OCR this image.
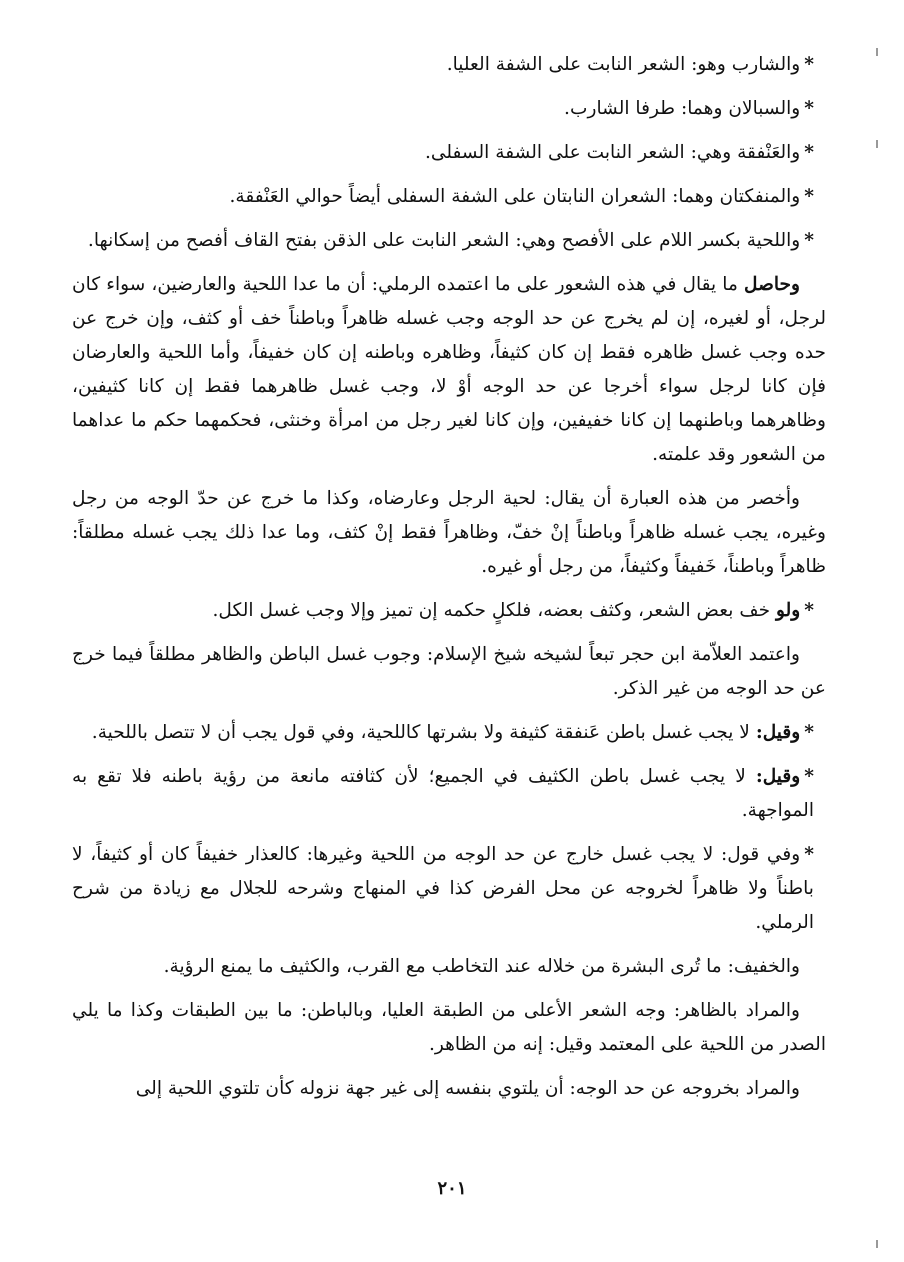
*والشارب وهو: الشعر النابت على الشفة العليا.

*والسبالان وهما: طرفا الشارب.

*والعَنْفقة وهي: الشعر النابت على الشفة السفلى.

*والمنفكتان وهما: الشعران النابتان على الشفة السفلى أيضاً حوالي العَنْفقة.

*واللحية بكسر اللام على الأفصح وهي: الشعر النابت على الذقن بفتح القاف أفصح من إسكانها.

وحاصل ما يقال في هذه الشعور على ما اعتمده الرملي: أن ما عدا اللحية والعارضين، سواء كان لرجل، أو لغيره، إن لم يخرج عن حد الوجه وجب غسله ظاهراً وباطناً خف أو كثف، وإن خرج عن حده وجب غسل ظاهره فقط إن كان كثيفاً، وظاهره وباطنه إن كان خفيفاً، وأما اللحية والعارضان فإن كانا لرجل سواء أخرجا عن حد الوجه أوْ لا، وجب غسل ظاهرهما فقط إن كانا كثيفين، وظاهرهما وباطنهما إن كانا خفيفين، وإن كانا لغير رجل من امرأة وخنثى، فحكمهما حكم ما عداهما من الشعور وقد علمته.

وأخصر من هذه العبارة أن يقال: لحية الرجل وعارضاه، وكذا ما خرج عن حدّ الوجه من رجل وغيره، يجب غسله ظاهراً وباطناً إنْ خفّ، وظاهراً فقط إنْ كثف، وما عدا ذلك يجب غسله مطلقاً: ظاهراً وباطناً، خَفيفاً وكثيفاً، من رجل أو غيره.

*ولو خف بعض الشعر، وكثف بعضه، فلكلٍ حكمه إن تميز وإلا وجب غسل الكل.

واعتمد العلاّمة ابن حجر تبعاً لشيخه شيخ الإسلام: وجوب غسل الباطن والظاهر مطلقاً فيما خرج عن حد الوجه من غير الذكر.

*وقيل: لا يجب غسل باطن عَنفقة كثيفة ولا بشرتها كاللحية، وفي قول يجب أن لا تتصل باللحية.

*وقيل: لا يجب غسل باطن الكثيف في الجميع؛ لأن كثافته مانعة من رؤية باطنه فلا تقع به المواجهة.

*وفي قول: لا يجب غسل خارج عن حد الوجه من اللحية وغيرها: كالعذار خفيفاً كان أو كثيفاً، لا باطناً ولا ظاهراً لخروجه عن محل الفرض كذا في المنهاج وشرحه للجلال مع زيادة من شرح الرملي.

والخفيف: ما تُرى البشرة من خلاله عند التخاطب مع القرب، والكثيف ما يمنع الرؤية.

والمراد بالظاهر: وجه الشعر الأعلى من الطبقة العليا، وبالباطن: ما بين الطبقات وكذا ما يلي الصدر من اللحية على المعتمد وقيل: إنه من الظاهر.

والمراد بخروجه عن حد الوجه: أن يلتوي بنفسه إلى غير جهة نزوله كأن تلتوي اللحية إلى

٢٠١
